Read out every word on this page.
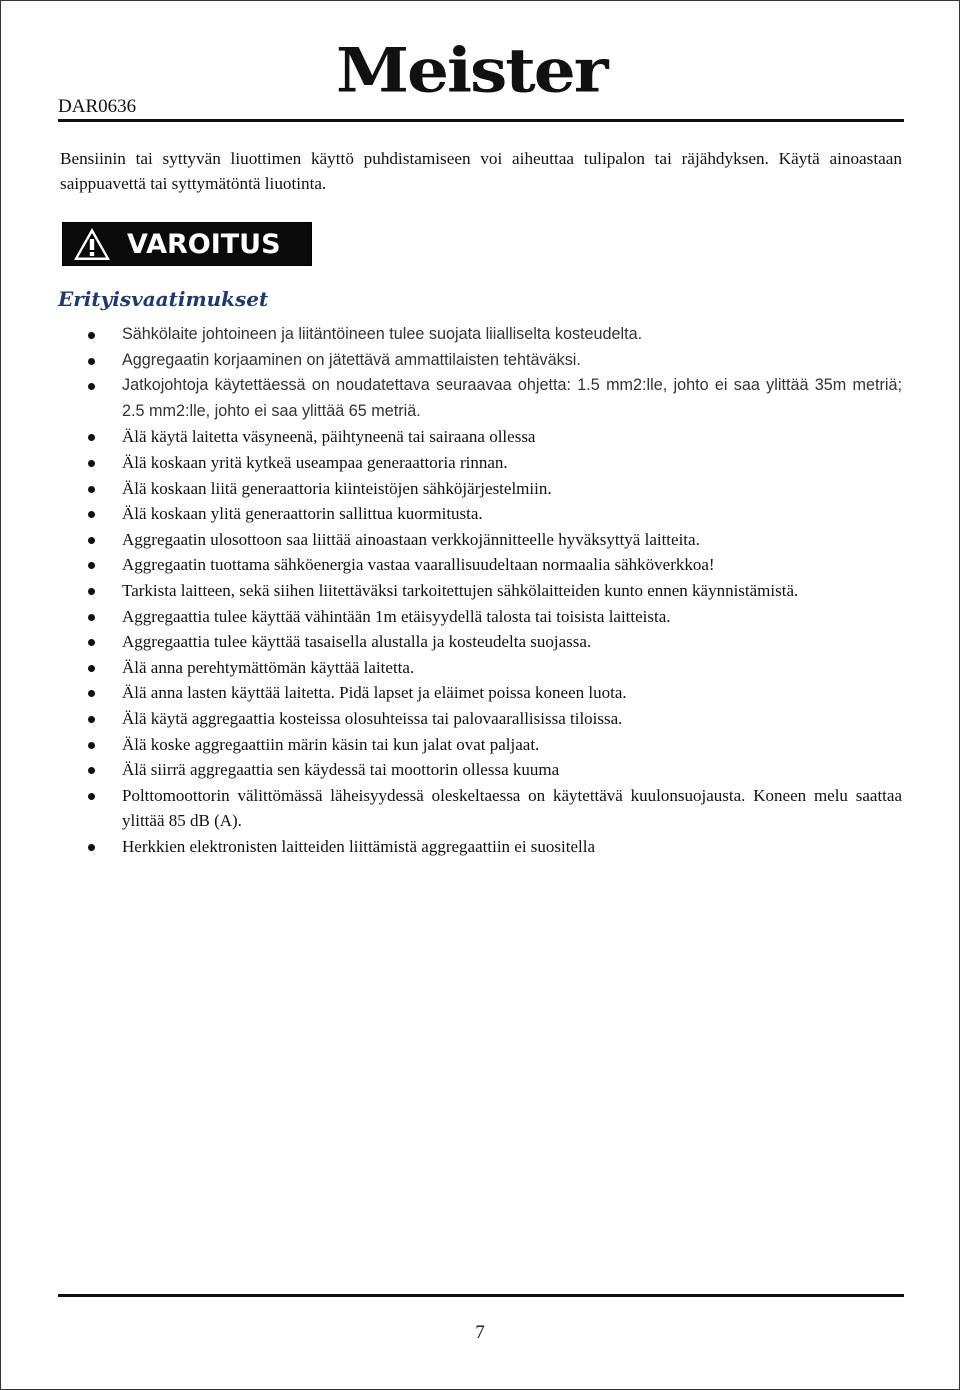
DAR0636
Meister

Bensiinin tai syttyvän liuottimen käyttö puhdistamiseen voi aiheuttaa tulipalon tai räjähdyksen. Käytä ainoastaan saippuavettä tai syttymätöntä liuotinta.

VAROITUS
Erityisvaatimukset
Sähkölaite johtoineen ja liitäntöineen tulee suojata liialliselta kosteudelta.
Aggregaatin korjaaminen on jätettävä ammattilaisten tehtäväksi.
Jatkojohtoja käytettäessä on noudatettava seuraavaa ohjetta: 1.5 mm2:lle, johto ei saa ylittää 35m metriä; 2.5 mm2:lle, johto ei saa ylittää 65 metriä.
Älä käytä laitetta väsyneenä, päihtyneenä tai sairaana ollessa
Älä koskaan yritä kytkeä useampaa generaattoria rinnan.
Älä koskaan liitä generaattoria kiinteistöjen sähköjärjestelmiin.
Älä koskaan ylitä generaattorin sallittua kuormitusta.
Aggregaatin ulosottoon saa liittää ainoastaan verkkojännitteelle hyväksyttyä laitteita.
Aggregaatin tuottama sähköenergia vastaa vaarallisuudeltaan normaalia sähköverkkoa!
Tarkista laitteen, sekä siihen liitettäväksi tarkoitettujen sähkölaitteiden kunto ennen käynnistämistä.
Aggregaattia tulee käyttää vähintään 1m etäisyydellä talosta tai toisista laitteista.
Aggregaattia tulee käyttää tasaisella alustalla ja kosteudelta suojassa.
Älä anna perehtymättömän käyttää laitetta.
Älä anna lasten käyttää laitetta. Pidä lapset ja eläimet poissa koneen luota.
Älä käytä aggregaattia kosteissa olosuhteissa tai palovaarallisissa tiloissa.
Älä koske aggregaattiin märin käsin tai kun jalat ovat paljaat.
Älä siirrä aggregaattia sen käydessä tai moottorin ollessa kuuma
Polttomoottorin välittömässä läheisyydessä oleskeltaessa on käytettävä kuulonsuojausta. Koneen melu saattaa ylittää 85 dB (A).
Herkkien elektronisten laitteiden liittämistä aggregaattiin ei suositella
7
